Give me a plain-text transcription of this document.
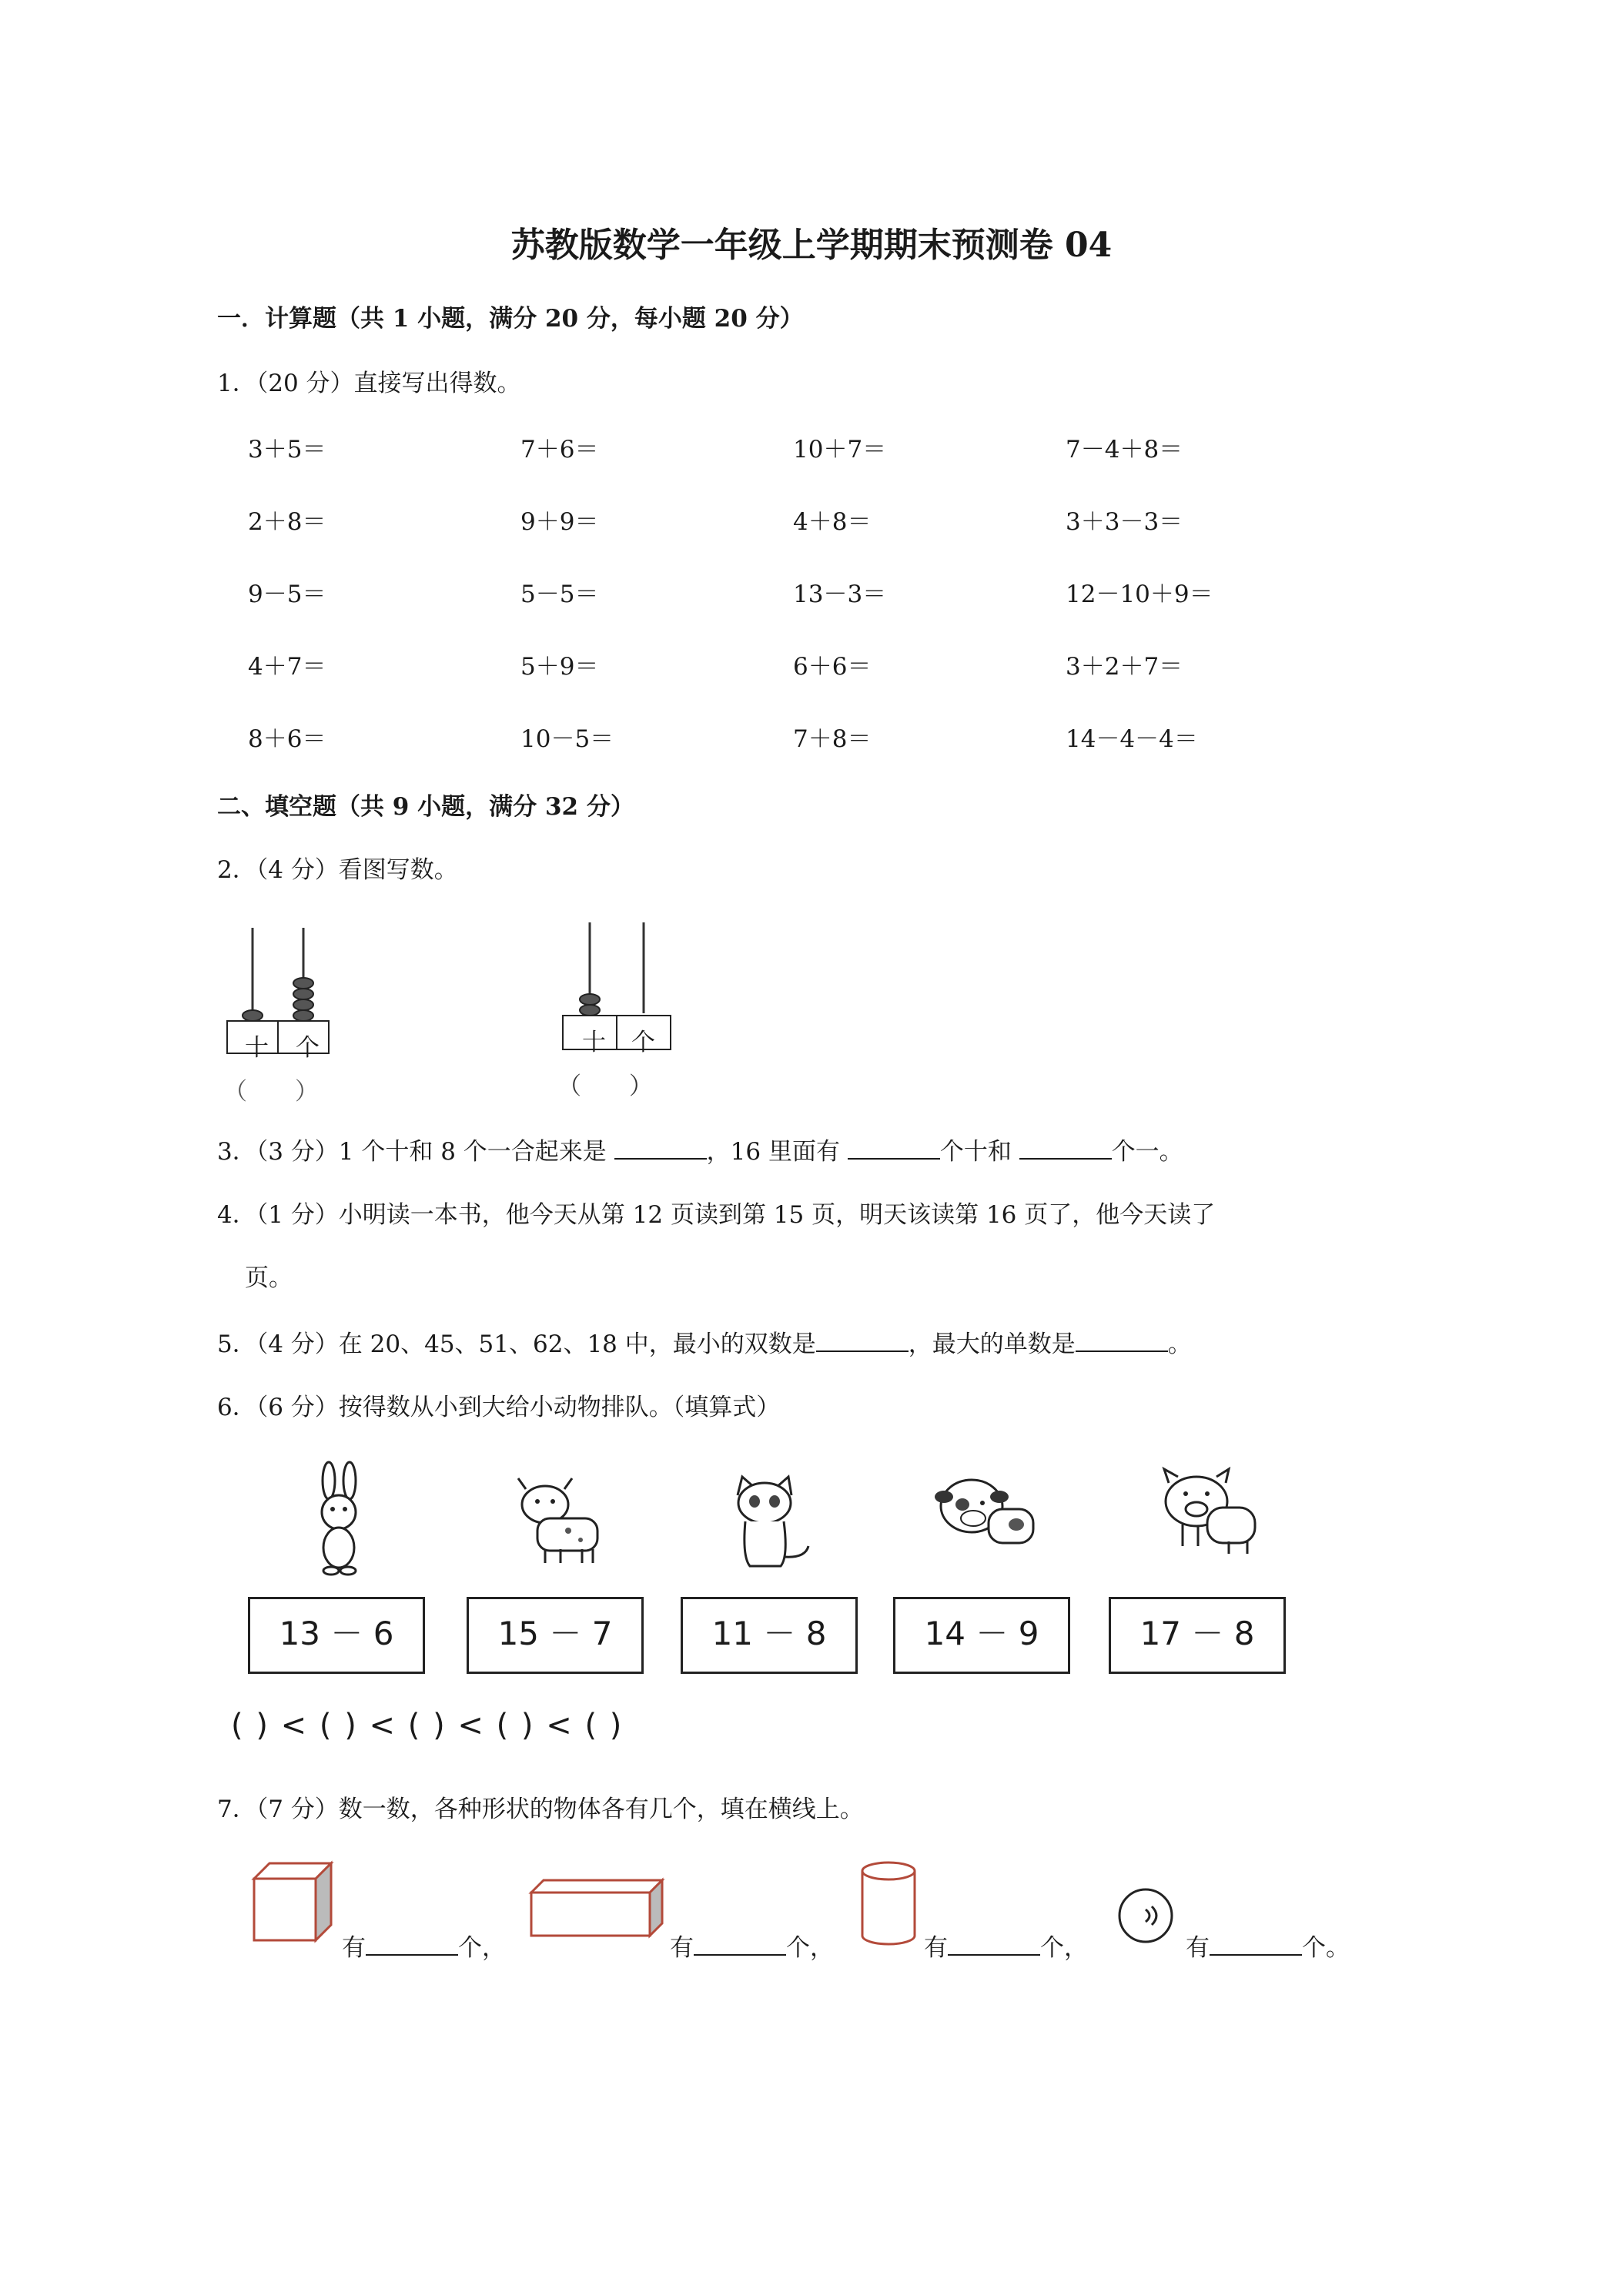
苏教版数学一年级上学期期末预测卷 04
一．计算题（共 1 小题，满分 20 分，每小题 20 分）
1．（20 分）直接写出得数。
3＋5＝	7＋6＝	10＋7＝	7－4＋8＝
2＋8＝	9＋9＝	4＋8＝	3＋3－3＝
9－5＝	5－5＝	13－3＝	12－10＋9＝
4＋7＝	5＋9＝	6＋6＝	3＋2＋7＝
8＋6＝	10－5＝	7＋8＝	14－4－4＝
二、填空题（共 9 小题，满分 32 分）
2．（4 分）看图写数。
十 个
（　　）
十 个
（　　）
3．（3 分）1 个十和 8 个一合起来是	，16 里面有	个十和	个一。
4．（1 分）小明读一本书，他今天从第 12 页读到第 15 页，明天该读第 16 页了，他今天读了
页。
5．（4 分）在 20、45、51、62、18 中，最小的双数是	，最大的单数是	。
6．（6 分）按得数从小到大给小动物排队。（填算式）
13 － 6	15 － 7	11 － 8	14 － 9	17 － 8
( ) < ( ) < ( ) < ( ) < ( )
7．（7 分）数一数，各种形状的物体各有几个，填在横线上。
有	个，	有	个，	有	个，	有	个。
